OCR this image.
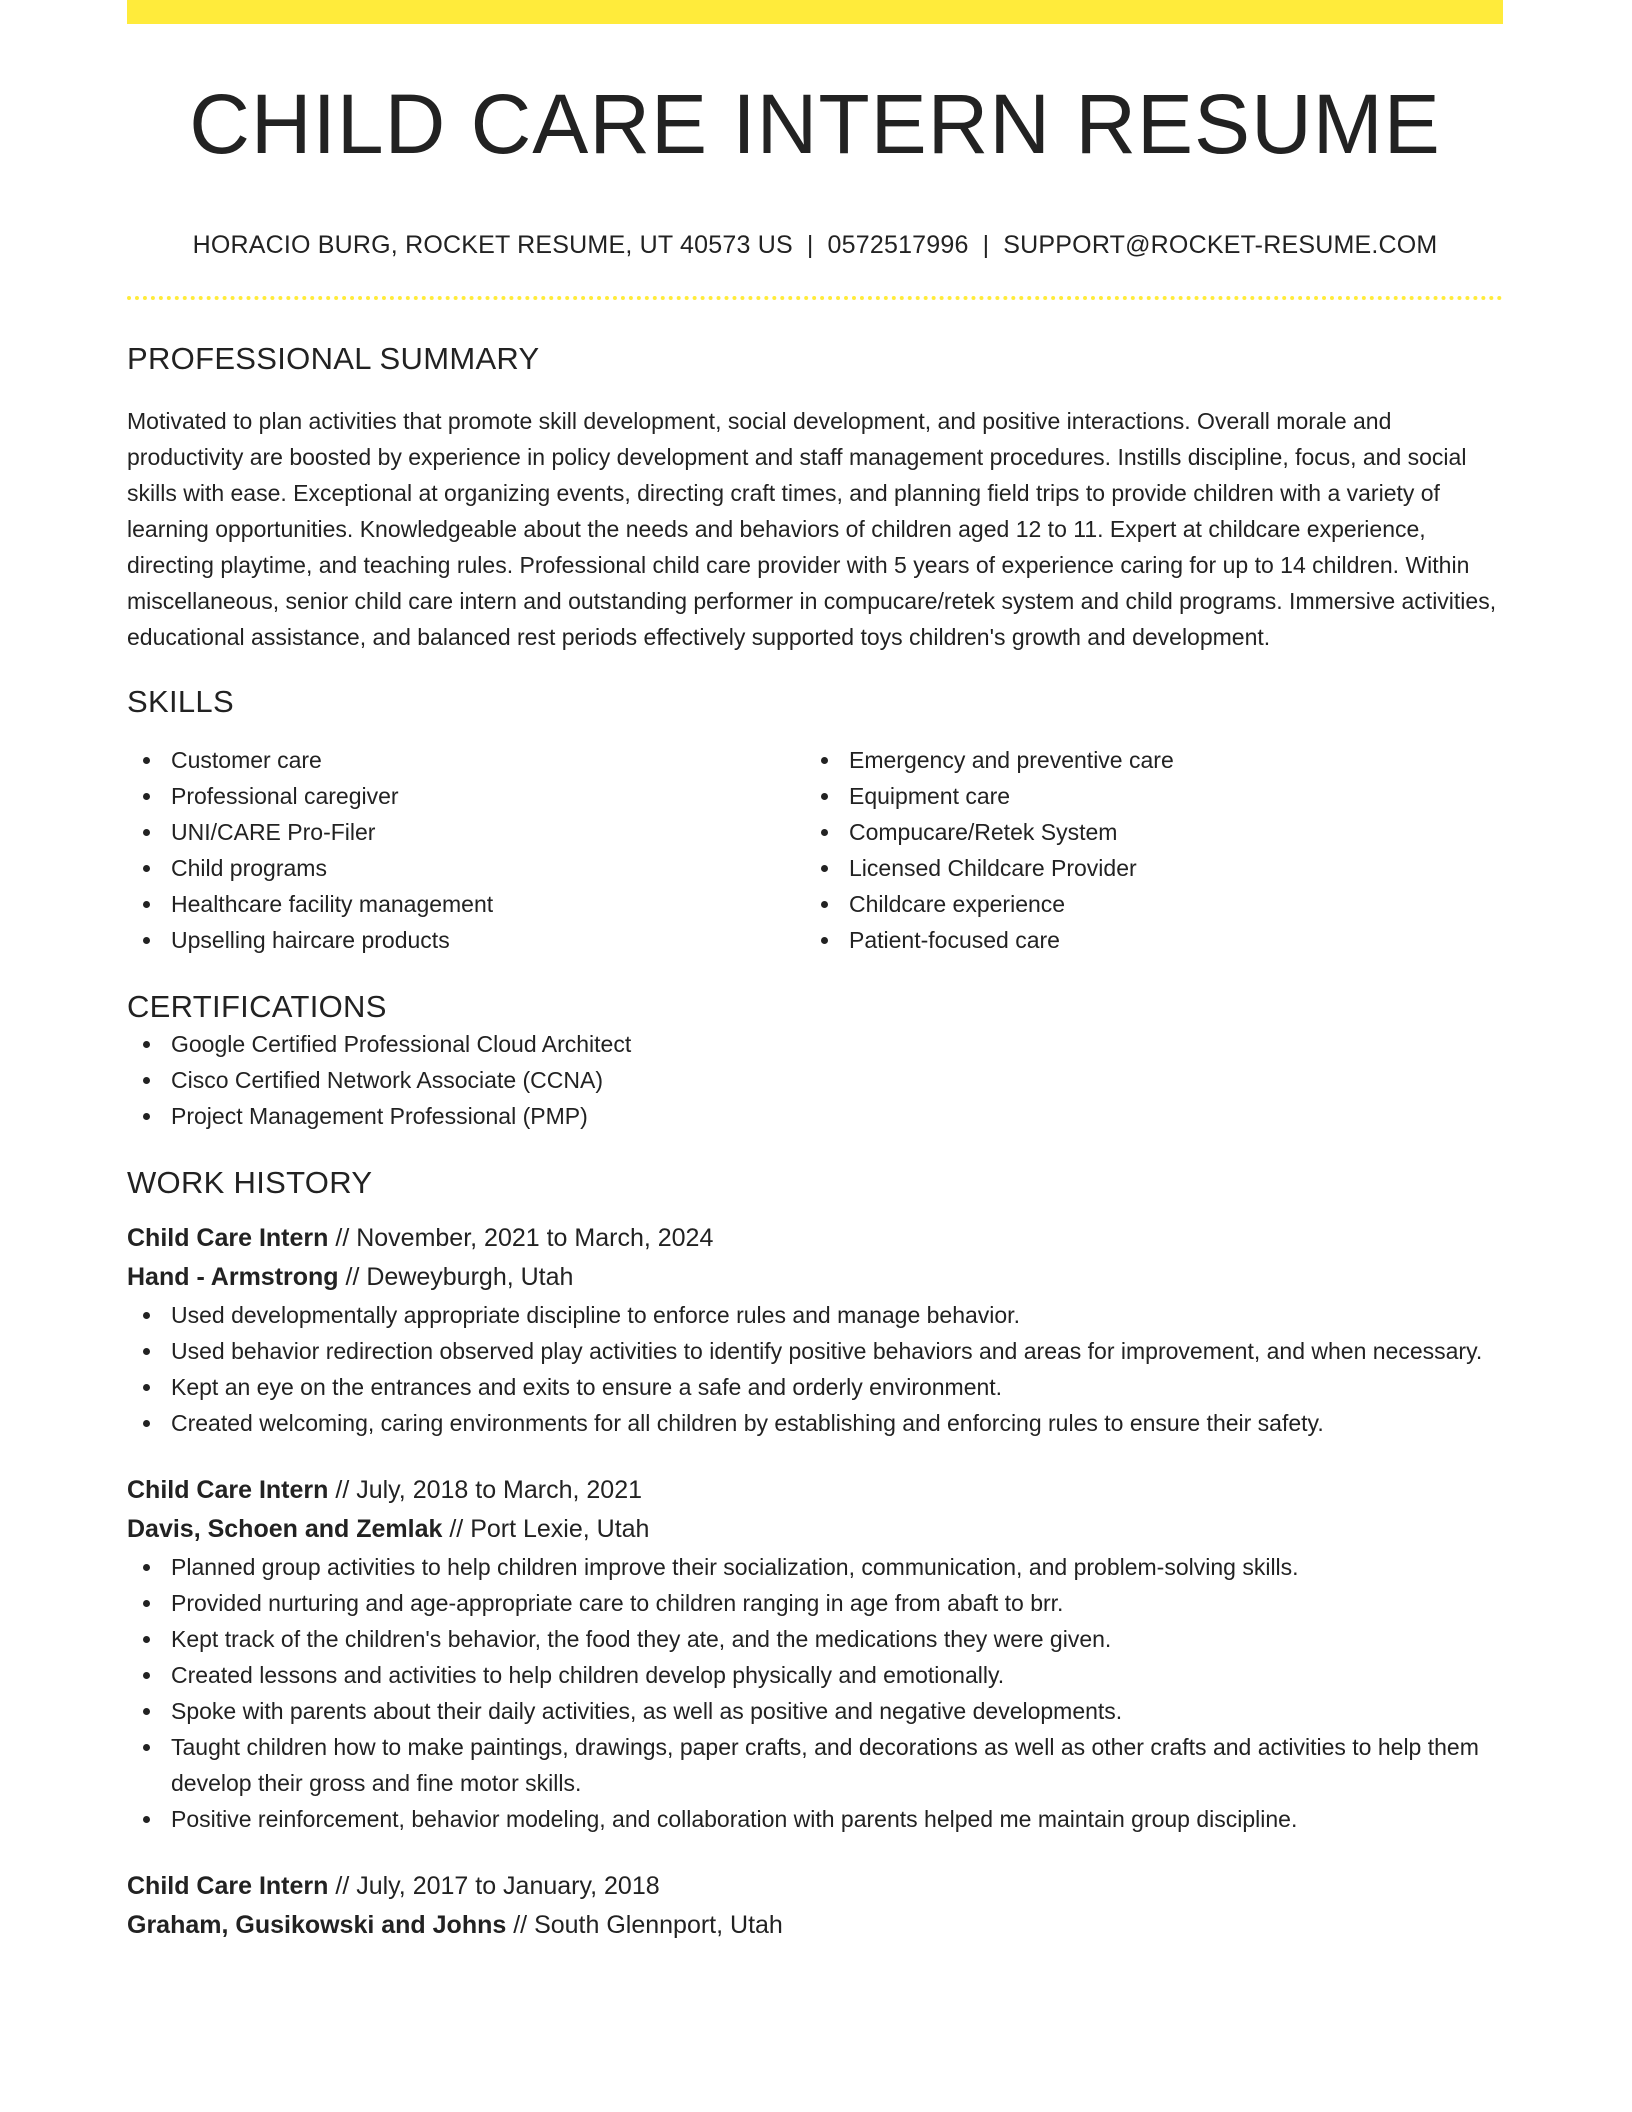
CHILD CARE INTERN RESUME
HORACIO BURG, ROCKET RESUME, UT 40573 US | 0572517996 | SUPPORT@ROCKET-RESUME.COM
PROFESSIONAL SUMMARY

Motivated to plan activities that promote skill development, social development, and positive interactions. Overall morale and productivity are boosted by experience in policy development and staff management procedures. Instills discipline, focus, and social skills with ease. Exceptional at organizing events, directing craft times, and planning field trips to provide children with a variety of learning opportunities. Knowledgeable about the needs and behaviors of children aged 12 to 11. Expert at childcare experience, directing playtime, and teaching rules. Professional child care provider with 5 years of experience caring for up to 14 children. Within miscellaneous, senior child care intern and outstanding performer in compucare/retek system and child programs. Immersive activities, educational assistance, and balanced rest periods effectively supported toys children's growth and development.

SKILLS
Customer care
Professional caregiver
UNI/CARE Pro-Filer
Child programs
Healthcare facility management
Upselling haircare products
Emergency and preventive care
Equipment care
Compucare/Retek System
Licensed Childcare Provider
Childcare experience
Patient-focused care
CERTIFICATIONS
Google Certified Professional Cloud Architect
Cisco Certified Network Associate (CCNA)
Project Management Professional (PMP)
WORK HISTORY
Child Care Intern // November, 2021 to March, 2024
Hand - Armstrong // Deweyburgh, Utah
Used developmentally appropriate discipline to enforce rules and manage behavior.
Used behavior redirection observed play activities to identify positive behaviors and areas for improvement, and when necessary.
Kept an eye on the entrances and exits to ensure a safe and orderly environment.
Created welcoming, caring environments for all children by establishing and enforcing rules to ensure their safety.
Child Care Intern // July, 2018 to March, 2021
Davis, Schoen and Zemlak // Port Lexie, Utah
Planned group activities to help children improve their socialization, communication, and problem-solving skills.
Provided nurturing and age-appropriate care to children ranging in age from abaft to brr.
Kept track of the children's behavior, the food they ate, and the medications they were given.
Created lessons and activities to help children develop physically and emotionally.
Spoke with parents about their daily activities, as well as positive and negative developments.
Taught children how to make paintings, drawings, paper crafts, and decorations as well as other crafts and activities to help them develop their gross and fine motor skills.
Positive reinforcement, behavior modeling, and collaboration with parents helped me maintain group discipline.
Child Care Intern // July, 2017 to January, 2018
Graham, Gusikowski and Johns // South Glennport, Utah
